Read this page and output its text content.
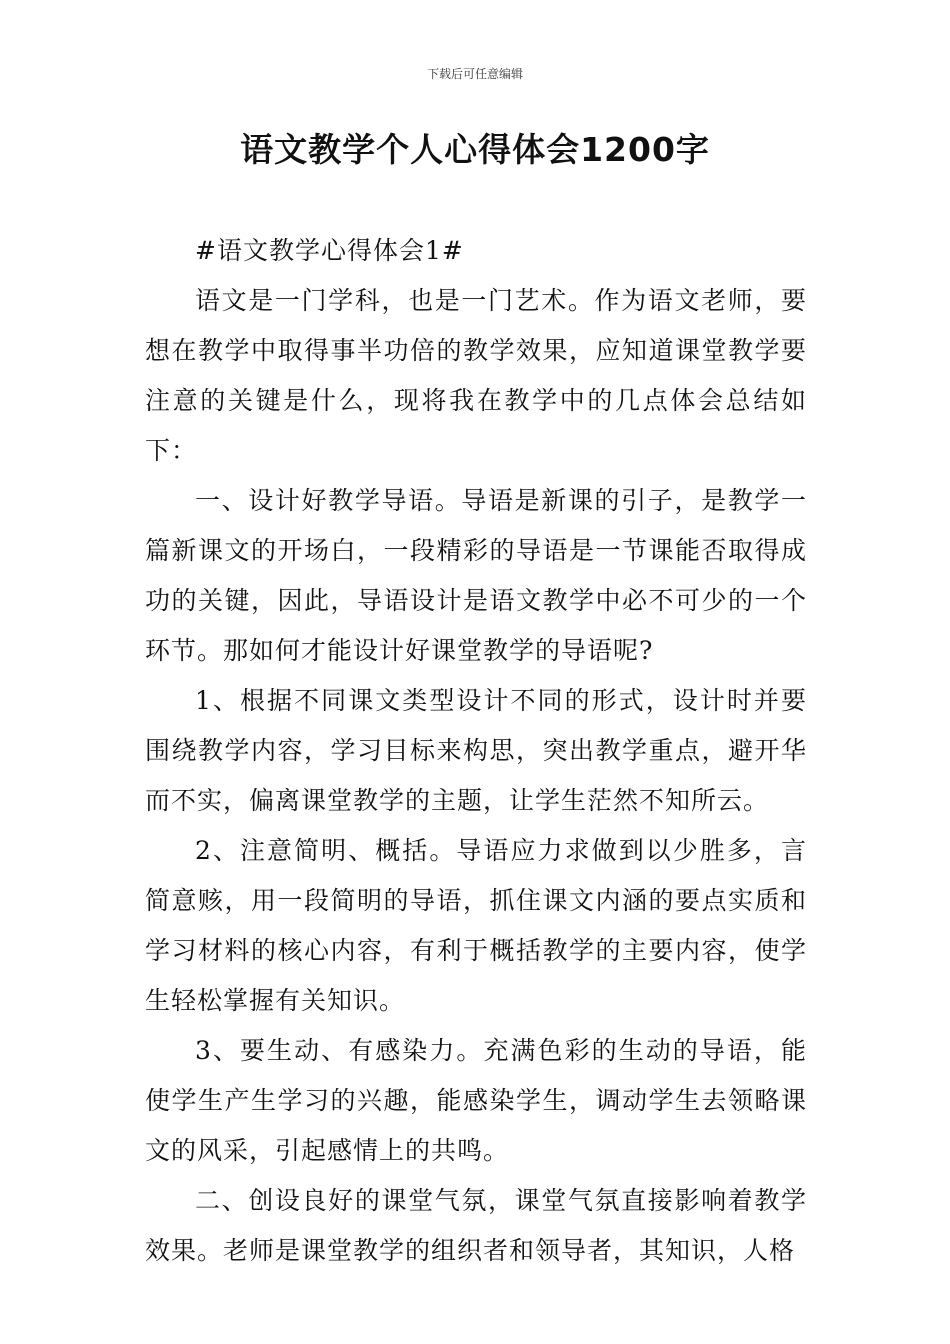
下载后可任意编辑
语文教学个人心得体会1200字

#语文教学心得体会1#

语文是一门学科，也是一门艺术。作为语文老师，要想在教学中取得事半功倍的教学效果，应知道课堂教学要注意的关键是什么，现将我在教学中的几点体会总结如下：

一、设计好教学导语。导语是新课的引子，是教学一篇新课文的开场白，一段精彩的导语是一节课能否取得成功的关键，因此，导语设计是语文教学中必不可少的一个环节。那如何才能设计好课堂教学的导语呢?

1、根据不同课文类型设计不同的形式，设计时并要围绕教学内容，学习目标来构思，突出教学重点，避开华而不实，偏离课堂教学的主题，让学生茫然不知所云。

2、注意简明、概括。导语应力求做到以少胜多，言简意赅，用一段简明的导语，抓住课文内涵的要点实质和学习材料的核心内容，有利于概括教学的主要内容，使学生轻松掌握有关知识。

3、要生动、有感染力。充满色彩的生动的导语，能使学生产生学习的兴趣，能感染学生，调动学生去领略课文的风采，引起感情上的共鸣。

二、创设良好的课堂气氛，课堂气氛直接影响着教学效果。老师是课堂教学的组织者和领导者，其知识，人格
